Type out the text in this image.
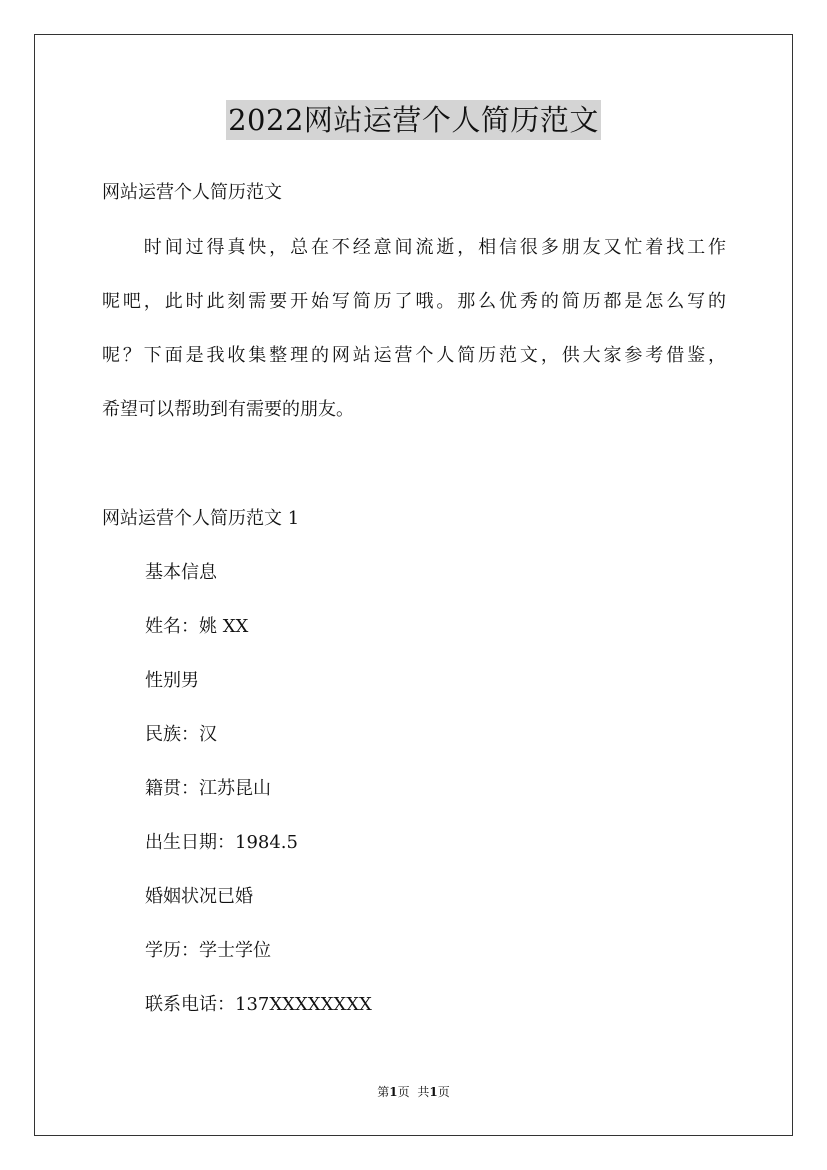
2022网站运营个人简历范文
网站运营个人简历范文
　　时间过得真快，总在不经意间流逝，相信很多朋友又忙着找工作
呢吧，此时此刻需要开始写简历了哦。那么优秀的简历都是怎么写的
呢？下面是我收集整理的网站运营个人简历范文，供大家参考借鉴，
希望可以帮助到有需要的朋友。
网站运营个人简历范文 1
基本信息
姓名：姚 XX
性别男
民族：汉
籍贯：江苏昆山
出生日期：1984.5
婚姻状况已婚
学历：学士学位
联系电话：137XXXXXXXX
第1页 共1页
